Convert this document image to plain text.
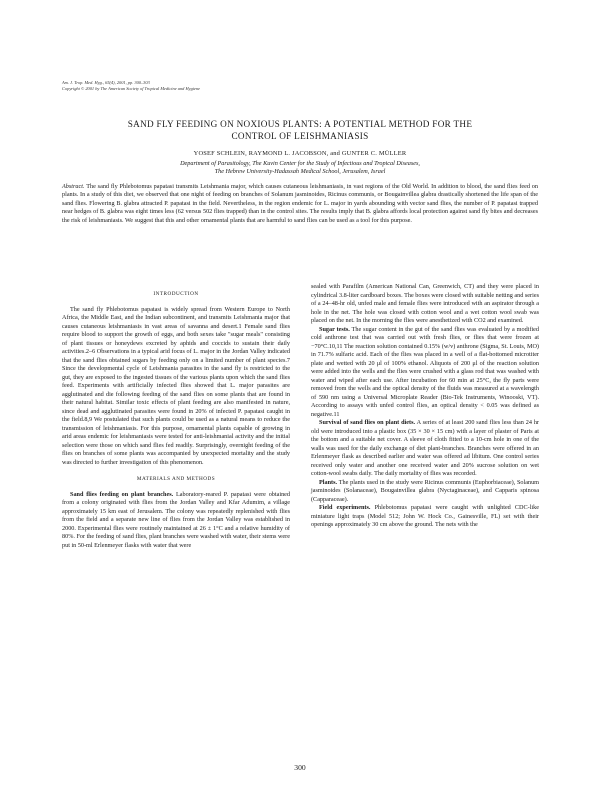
Am. J. Trop. Med. Hyg., 65(4), 2001, pp. 300–303
Copyright © 2001 by The American Society of Tropical Medicine and Hygiene
SAND FLY FEEDING ON NOXIOUS PLANTS: A POTENTIAL METHOD FOR THE
CONTROL OF LEISHMANIASIS
YOSEF SCHLEIN, RAYMOND L. JACOBSON, and GUNTER C. MÜLLER
Department of Parasitology, The Kuvin Center for the Study of Infectious and Tropical Diseases,
The Hebrew University-Hadassah Medical School, Jerusalem, Israel

Abstract. The sand fly Phlebotomus papatasi transmits Leishmania major, which causes cutaneous leishmaniasis, in vast regions of the Old World. In addition to blood, the sand flies feed on plants. In a study of this diet, we observed that one night of feeding on branches of Solanum jasminoides, Ricinus communis, or Bougainvillea glabra drastically shortened the life span of the sand flies. Flowering B. glabra attracted P. papatasi in the field. Nevertheless, in the region endemic for L. major in yards abounding with vector sand flies, the number of P. papatasi trapped near hedges of B. glabra was eight times less (62 versus 502 flies trapped) than in the control sites. The results imply that B. glabra affords local protection against sand fly bites and decreases the risk of leishmaniasis. We suggest that this and other ornamental plants that are harmful to sand flies can be used as a tool for this purpose.

INTRODUCTION

The sand fly Phlebotomus papatasi is widely spread from Western Europe to North Africa, the Middle East, and the Indian subcontinent, and transmits Leishmania major that causes cutaneous leishmaniasis in vast areas of savanna and desert.1 Female sand flies require blood to support the growth of eggs, and both sexes take "sugar meals" consisting of plant tissues or honeydews excreted by aphids and coccids to sustain their daily activities.2–6 Observations in a typical arid focus of L. major in the Jordan Valley indicated that the sand flies obtained sugars by feeding only on a limited number of plant species.7 Since the developmental cycle of Leishmania parasites in the sand fly is restricted to the gut, they are exposed to the ingested tissues of the various plants upon which the sand flies feed. Experiments with artificially infected flies showed that L. major parasites are agglutinated and die following feeding of the sand flies on some plants that are found in their natural habitat. Similar toxic effects of plant feeding are also manifested in nature, since dead and agglutinated parasites were found in 20% of infected P. papatasi caught in the field.8,9 We postulated that such plants could be used as a natural means to reduce the transmission of leishmaniasis. For this purpose, ornamental plants capable of growing in arid areas endemic for leishmaniasis were tested for anti-leishmanial activity and the initial selection were those on which sand flies fed readily. Surprisingly, overnight feeding of the flies on branches of some plants was accompanied by unexpected mortality and the study was directed to further investigation of this phenomenon.

MATERIALS AND METHODS

Sand flies feeding on plant branches. Laboratory-reared P. papatasi were obtained from a colony originated with flies from the Jordan Valley and Kfar Adumim, a village approximately 15 km east of Jerusalem. The colony was repeatedly replenished with flies from the field and a separate new line of flies from the Jordan Valley was established in 2000. Experimental flies were routinely maintained at 26 ± 1°C and a relative humidity of 80%. For the feeding of sand flies, plant branches were washed with water, their stems were put in 50-ml Erlenmeyer flasks with water that were

sealed with Parafilm (American National Can, Greenwich, CT) and they were placed in cylindrical 3.8-liter cardboard boxes. The boxes were closed with suitable netting and series of a 24–48-hr old, unfed male and female flies were introduced with an aspirator through a hole in the net. The hole was closed with cotton wool and a wet cotton wool swab was placed on the net. In the morning the flies were anesthetized with CO2 and examined.

Sugar tests. The sugar content in the gut of the sand flies was evaluated by a modified cold anthrone test that was carried out with fresh flies, or flies that were frozen at −70°C.10,11 The reaction solution contained 0.15% (w/v) anthrone (Sigma, St. Louis, MO) in 71.7% sulfaric acid. Each of the flies was placed in a well of a flat-bottomed microtiter plate and wetted with 20 μl of 100% ethanol. Aliquots of 200 μl of the reaction solution were added into the wells and the flies were crushed with a glass rod that was washed with water and wiped after each use. After incubation for 60 min at 25°C, the fly parts were removed from the wells and the optical density of the fluids was measured at a wavelength of 590 nm using a Universal Microplate Reader (Bio-Tek Instruments, Winooski, VT). According to assays with unfed control flies, an optical density < 0.05 was defined as negative.11

Survival of sand flies on plant diets. A series of at least 200 sand flies less than 24 hr old were introduced into a plastic box (35 × 30 × 15 cm) with a layer of plaster of Paris at the bottom and a suitable net cover. A sleeve of cloth fitted to a 10-cm hole in one of the walls was used for the daily exchange of diet plant-branches. Branches were offered in an Erlenmeyer flask as described earlier and water was offered ad libitum. One control series received only water and another one received water and 20% sucrose solution on wet cotton-wool swabs daily. The daily mortality of flies was recorded.

Plants. The plants used in the study were Ricinus communis (Euphorbiaceae), Solanum jasminoides (Solanaceae), Bougainvillea glabra (Nyctaginaceae), and Capparis spinosa (Capparaceae).

Field experiments. Phlebotomus papatasi were caught with unlighted CDC-like miniature light traps (Model 512; John W. Hock Co., Gainesville, FL) set with their openings approximately 30 cm above the ground. The nets with the

300
